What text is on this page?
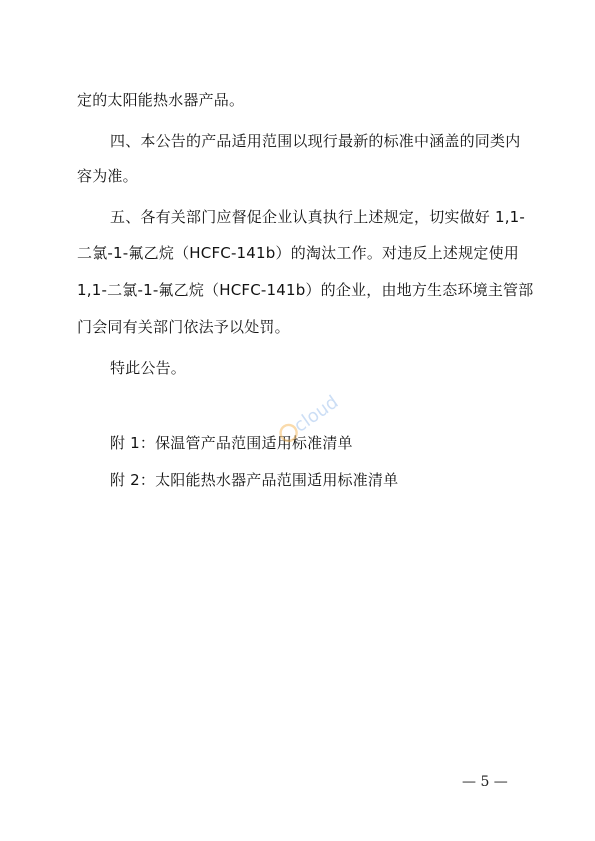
定的太阳能热水器产品。
四、本公告的产品适用范围以现行最新的标准中涵盖的同类内
容为准。
五、各有关部门应督促企业认真执行上述规定，切实做好 1,1-
二氯-1-氟乙烷（HCFC-141b）的淘汰工作。对违反上述规定使用
1,1-二氯-1-氟乙烷（HCFC-141b）的企业，由地方生态环境主管部
门会同有关部门依法予以处罚。
特此公告。
附 1：保温管产品范围适用标准清单
附 2：太阳能热水器产品范围适用标准清单
— 5 —
cloud
